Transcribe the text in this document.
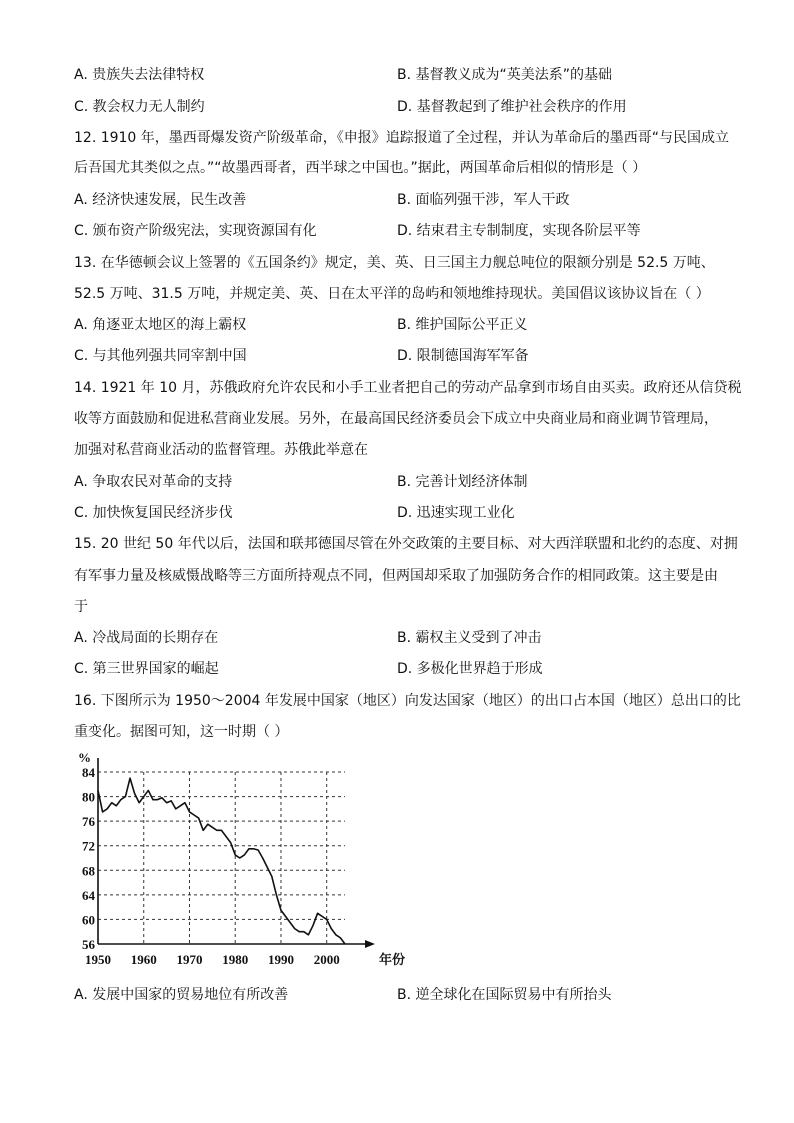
A. 贵族失去法律特权	B. 基督教义成为“英美法系”的基础
C. 教会权力无人制约	D. 基督教起到了维护社会秩序的作用
12. 1910 年，墨西哥爆发资产阶级革命，《申报》追踪报道了全过程，并认为革命后的墨西哥“与民国成立
后吾国尤其类似之点。”“故墨西哥者，西半球之中国也。”据此，两国革命后相似的情形是（ ）
A. 经济快速发展，民生改善	B. 面临列强干涉，军人干政
C. 颁布资产阶级宪法，实现资源国有化	D. 结束君主专制制度，实现各阶层平等
13. 在华德顿会议上签署的《五国条约》规定，美、英、日三国主力舰总吨位的限额分别是 52.5 万吨、
52.5 万吨、31.5 万吨，并规定美、英、日在太平洋的岛屿和领地维持现状。美国倡议该协议旨在（ ）
A. 角逐亚太地区的海上霸权	B. 维护国际公平正义
C. 与其他列强共同宰割中国	D. 限制德国海军军备
14. 1921 年 10 月，苏俄政府允许农民和小手工业者把自己的劳动产品拿到市场自由买卖。政府还从信贷税
收等方面鼓励和促进私营商业发展。另外，在最高国民经济委员会下成立中央商业局和商业调节管理局，
加强对私营商业活动的监督管理。苏俄此举意在
A. 争取农民对革命的支持	B. 完善计划经济体制
C. 加快恢复国民经济步伐	D. 迅速实现工业化
15. 20 世纪 50 年代以后，法国和联邦德国尽管在外交政策的主要目标、对大西洋联盟和北约的态度、对拥
有军事力量及核威慑战略等三方面所持观点不同，但两国却采取了加强防务合作的相同政策。这主要是由
于
A. 冷战局面的长期存在	B. 霸权主义受到了冲击
C. 第三世界国家的崛起	D. 多极化世界趋于形成
16. 下图所示为 1950～2004 年发展中国家（地区）向发达国家（地区）的出口占本国（地区）总出口的比
重变化。据图可知，这一时期（ ）
56
60
64
68
72
76
80
84
1950 1960 1970 1980 1990 2000
%
年份
A. 发展中国家的贸易地位有所改善	B. 逆全球化在国际贸易中有所抬头
